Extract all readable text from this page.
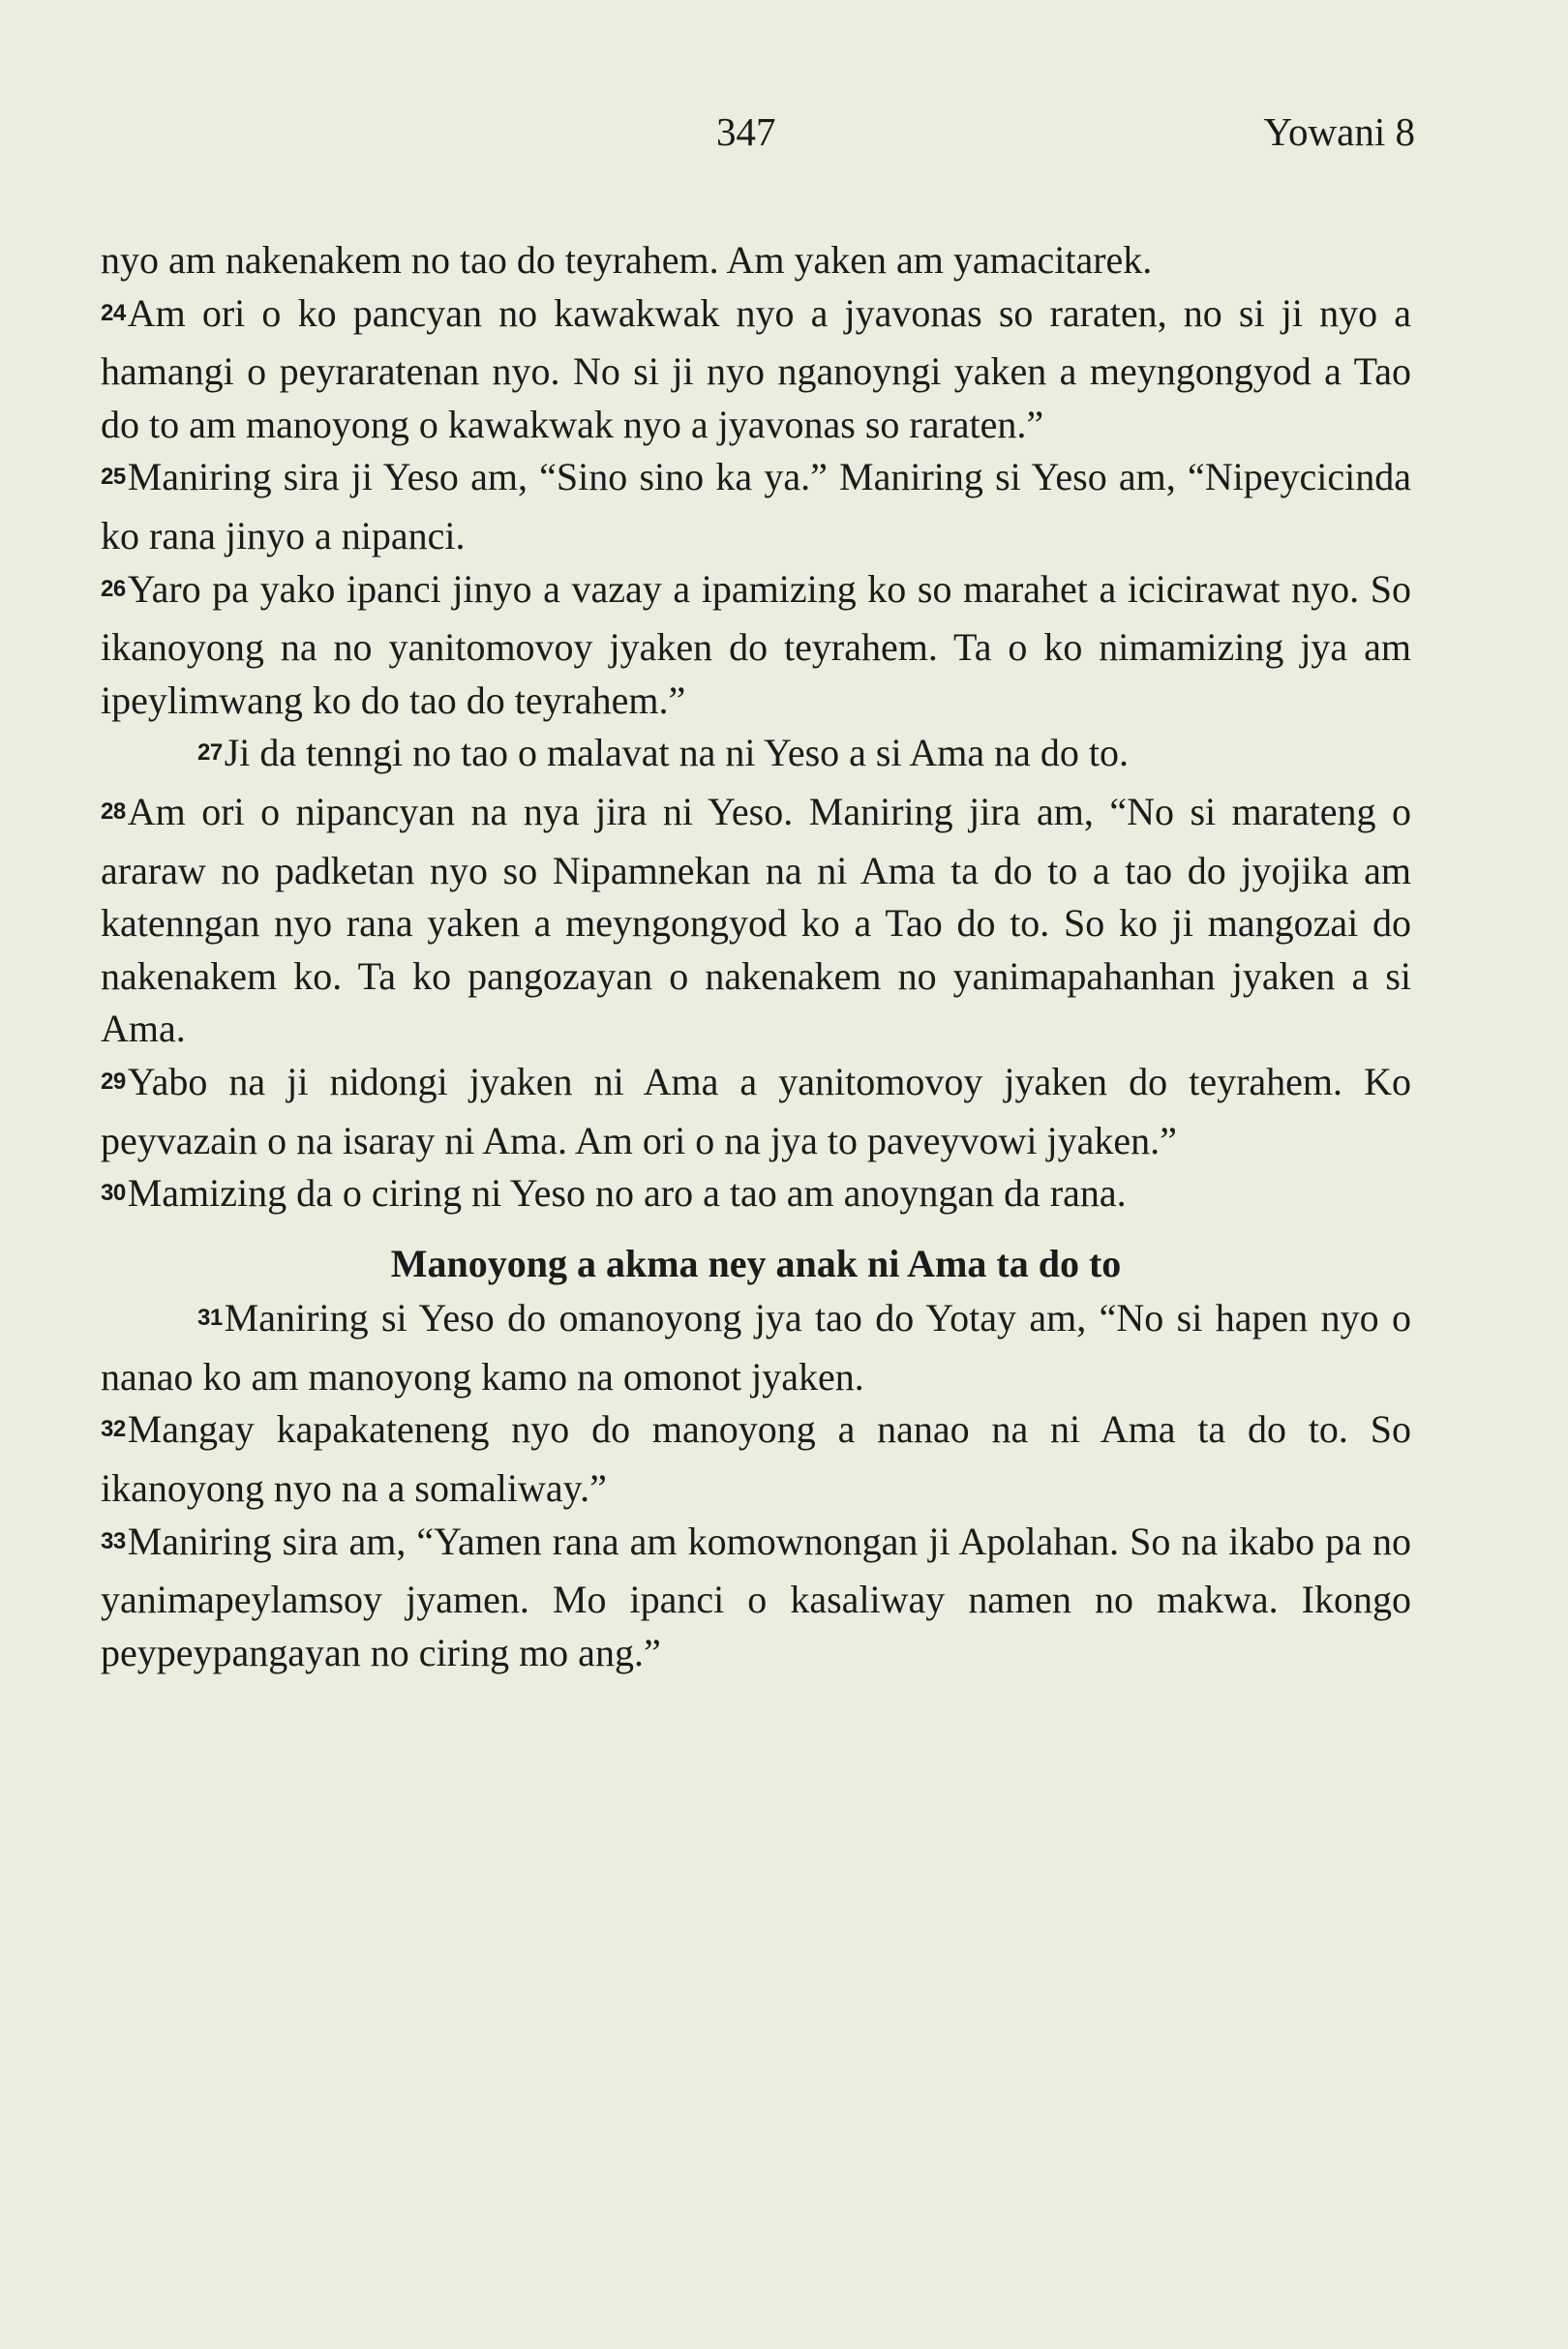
347	Yowani 8

nyo am nakenakem no tao do teyrahem. Am yaken am yamacitarek.

24Am ori o ko pancyan no kawakwak nyo a jyavonas so raraten, no si ji nyo a hamangi o peyraratenan nyo. No si ji nyo nganoyngi yaken a meyngongyod a Tao do to am manoyong o kawakwak nyo a jyavonas so raraten.”

25Maniring sira ji Yeso am, “Sino sino ka ya.” Maniring si Yeso am, “Nipeycicinda ko rana jinyo a nipanci.

26Yaro pa yako ipanci jinyo a vazay a ipamizing ko so marahet a icicirawat nyo. So ikanoyong na no yanitomovoy jyaken do teyrahem. Ta o ko nimamizing jya am ipeylimwang ko do tao do teyrahem.”

27Ji da tenngi no tao o malavat na ni Yeso a si Ama na do to.

28Am ori o nipancyan na nya jira ni Yeso. Maniring jira am, “No si marateng o araraw no padketan nyo so Nipamnekan na ni Ama ta do to a tao do jyojika am katenngan nyo rana yaken a meyngongyod ko a Tao do to. So ko ji mangozai do nakenakem ko. Ta ko pangozayan o nakenakem no yanimapahanhan jyaken a si Ama.

29Yabo na ji nidongi jyaken ni Ama a yanitomovoy jyaken do teyrahem. Ko peyvazain o na isaray ni Ama. Am ori o na jya to paveyvowi jyaken.”

30Mamizing da o ciring ni Yeso no aro a tao am anoyngan da rana.

Manoyong a akma ney anak ni Ama ta do to

31Maniring si Yeso do omanoyong jya tao do Yotay am, “No si hapen nyo o nanao ko am manoyong kamo na omonot jyaken.

32Mangay kapakateneng nyo do manoyong a nanao na ni Ama ta do to. So ikanoyong nyo na a somaliway.”

33Maniring sira am, “Yamen rana am komownongan ji Apolahan. So na ikabo pa no yanimapeylamsoy jyamen. Mo ipanci o kasaliway namen no makwa. Ikongo peypeypangayan no ciring mo ang.”
